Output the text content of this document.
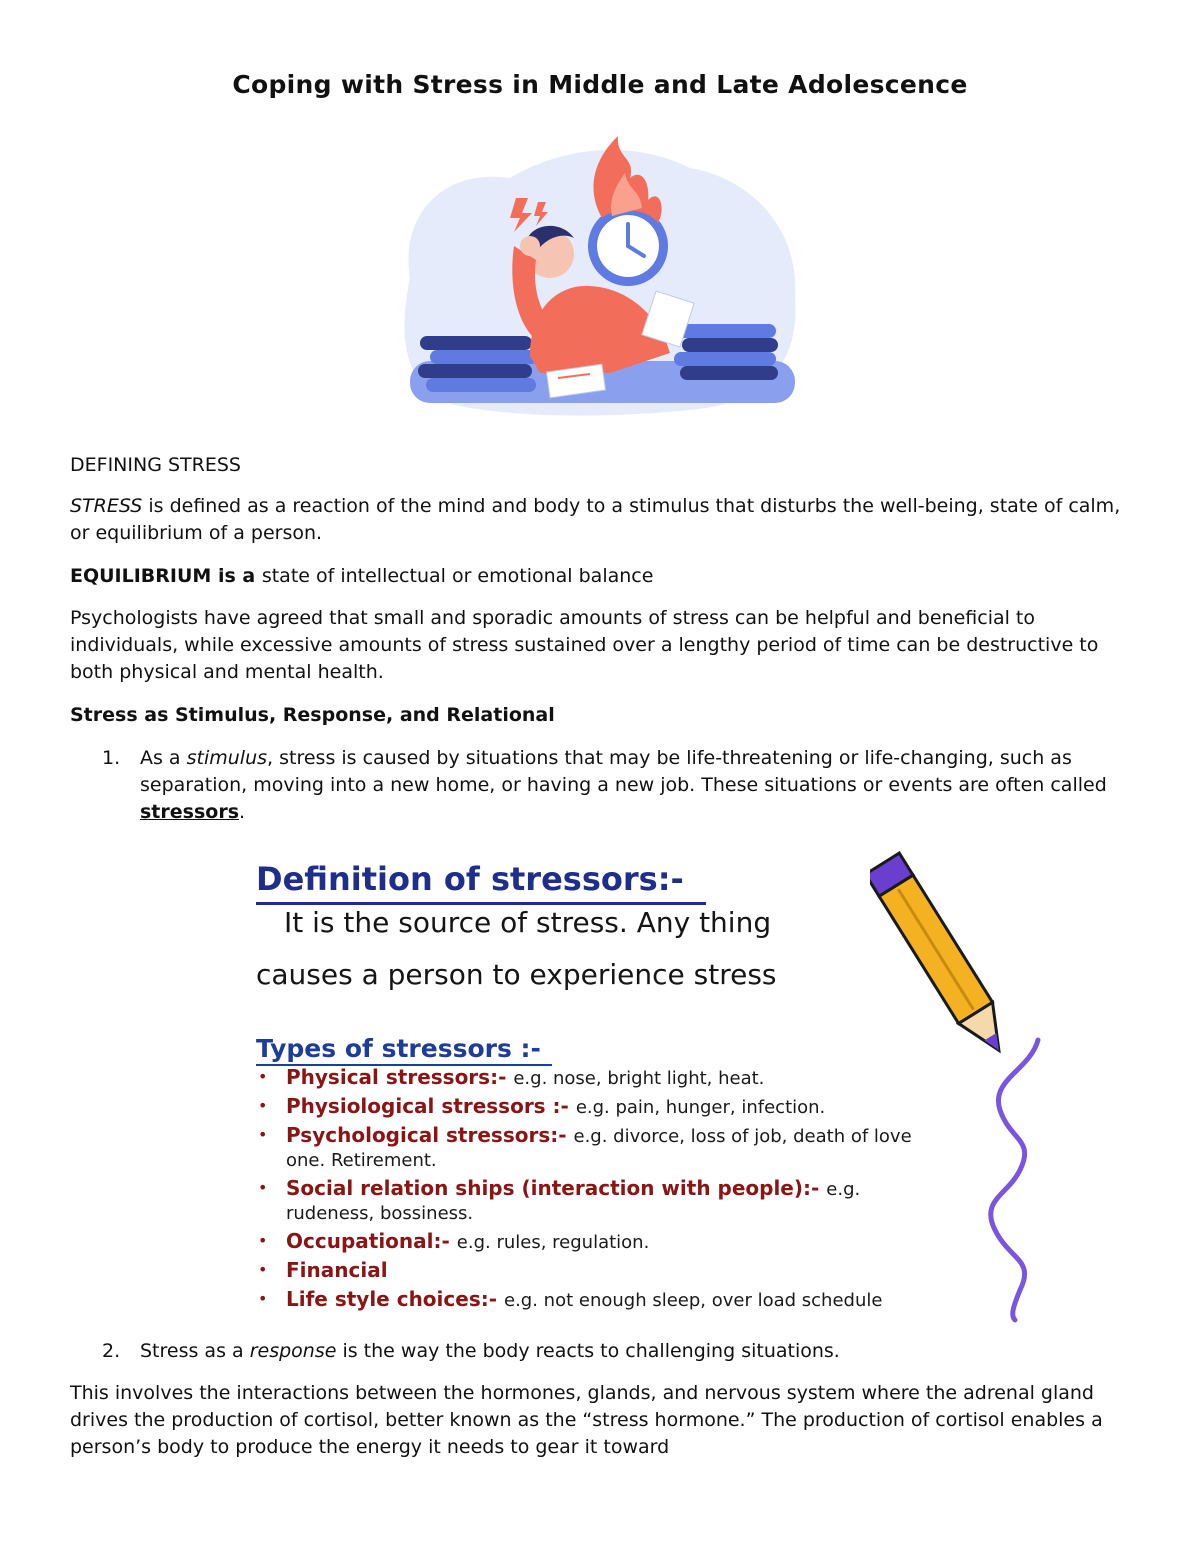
Coping with Stress in Middle and Late Adolescence
DEFINING STRESS
STRESS is defined as a reaction of the mind and body to a stimulus that disturbs the well-being, state of calm, or equilibrium of a person.
EQUILIBRIUM is a state of intellectual or emotional balance
Psychologists have agreed that small and sporadic amounts of stress can be helpful and beneficial to individuals, while excessive amounts of stress sustained over a lengthy period of time can be destructive to both physical and mental health.
Stress as Stimulus, Response, and Relational
1. As a stimulus, stress is caused by situations that may be life-threatening or life-changing, such as separation, moving into a new home, or having a new job. These situations or events are often called stressors.
Definition of stressors:-
It is the source of stress. Any thing
causes a person to experience stress
Types of stressors :-
• Physical stressors:- e.g. nose, bright light, heat.
• Physiological stressors :- e.g. pain, hunger, infection.
• Psychological stressors:- e.g. divorce, loss of job, death of love one. Retirement.
• Social relation ships (interaction with people):- e.g. rudeness, bossiness.
• Occupational:- e.g. rules, regulation.
• Financial
• Life style choices:- e.g. not enough sleep, over load schedule
2. Stress as a response is the way the body reacts to challenging situations.
This involves the interactions between the hormones, glands, and nervous system where the adrenal gland drives the production of cortisol, better known as the “stress hormone.” The production of cortisol enables a person’s body to produce the energy it needs to gear it toward
